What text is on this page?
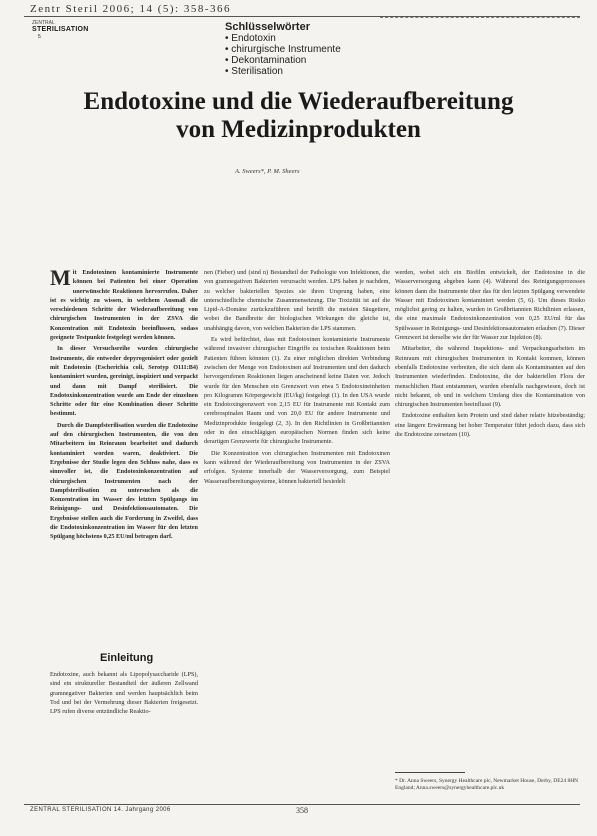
Zentr Steril 2006; 14 (5): 358-366
ZENTRAL
STERILISATION
5
Schlüsselwörter
• Endotoxin
• chirurgische Instrumente
• Dekontamination
• Sterilisation
Endotoxine und die Wiederaufbereitung
von Medizinprodukten
A. Sweers*, P. M. Sheers

Mit Endotoxinen kontaminierte Instrumente können bei Patienten bei einer Operation unerwünschte Reaktionen hervorrufen. Daher ist es wichtig zu wissen, in welchem Ausmaß die verschiedenen Schritte der Wiederaufbereitung von chirurgischen Instrumenten in der ZSVA die Konzentration mit Endotoxin beeinflussen, sodass geeignete Testpunkte festgelegt werden können.

In dieser Versuchsreihe wurden chirurgische Instrumente, die entweder depyrogenisiert oder gezielt mit Endotoxin (Escherichia coli, Serotyp O111:B4) kontaminiert wurden, gereinigt, inspiziert und verpackt und dann mit Dampf sterilisiert. Die Endotoxinkonzentration wurde am Ende der einzelnen Schritte oder für eine Kombination dieser Schritte bestimmt.

Durch die Dampfsterilisation wurden die Endotoxine auf den chirurgischen Instrumenten, die von den Mitarbeitern im Reinraum bearbeitet und dadurch kontaminiert worden waren, deaktiviert. Die Ergebnisse der Studie legen den Schluss nahe, dass es sinnvoller ist, die Endotoxinkonzentration auf chirurgischen Instrumenten nach der Dampfsterilisation zu untersuchen als die Konzentration im Wasser des letzten Spülgangs im Reinigungs- und Desinfektionsautomaten. Die Ergebnisse stellen auch die Forderung in Zweifel, dass die Endotoxinkonzentration im Wasser für den letzten Spülgang höchstens 0,25 EU/ml betragen darf.

Einleitung

Endotoxine, auch bekannt als Lipopolysaccharide (LPS), sind ein struktureller Bestandteil der äußeren Zellwand gramnegativer Bakterien und werden hauptsächlich beim Tod und bei der Vermehrung dieser Bakterien freigesetzt. LPS rufen diverse entzündliche Reaktio-

nen (Fieber) und (sind n) Bestandteil der Pathologie von Infektionen, die von gramnegativen Bakterien verursacht werden. LPS haben je nachdem, zu welcher bakteriellen Spezies sie ihren Ursprung haben, eine unterschiedliche chemische Zusammensetzung. Die Toxizität ist auf die Lipid-A-Domäne zurückzuführen und betrifft die meisten Säugetiere, wobei die Bandbreite der biologischen Wirkungen die gleiche ist, unabhängig davon, von welchen Bakterien die LPS stammen.

Es wird befürchtet, dass mit Endotoxinen kontaminierte Instrumente während invasiver chirurgischer Eingriffe zu toxischen Reaktionen beim Patienten führen könnten (1). Zu einer möglichen direkten Verbindung zwischen der Menge von Endotoxinen auf Instrumenten und den dadurch hervorgerufenen Reaktionen liegen anscheinend keine Daten vor. Jedoch wurde für den Menschen ein Grenzwert von etwa 5 Endotoxineinheiten pro Kilogramm Körpergewicht (EU/kg) festgelegt (1). In den USA wurde ein Endotoxingrenzwert von 2,15 EU für Instrumente mit Kontakt zum cerebrospinalen Raum und von 20,0 EU für andere Instrumente und Medizinprodukte festgelegt (2, 3). In den Richtlinien in Großbritannien oder in den einschlägigen europäischen Normen finden sich keine derartigen Grenzwerte für chirurgische Instrumente.

Die Konzentration von chirurgischen Instrumenten mit Endotoxinen kann während der Wiederaufbereitung von Instrumenten in der ZSVA erfolgen. Systeme innerhalb der Wasserversorgung, zum Beispiel Wasseraufbereitungssysteme, können bakteriell besiedelt

werden, wobei sich ein Biofilm entwickelt, der Endotoxine in die Wasserversorgung abgeben kann (4). Während des Reinigungsprozesses können dann die Instrumente über das für den letzten Spülgang verwendete Wasser mit Endotoxinen kontaminiert werden (5, 6). Um dieses Risiko möglichst gering zu halten, wurden in Großbritannien Richtlinien erlassen, die eine maximale Endotoxinkonzentration von 0,25 EU/ml für das Spülwasser in Reinigungs- und Desinfektionsautomaten erlauben (7). Dieser Grenzwert ist derselbe wie der für Wasser zur Injektion (8).

Mitarbeiter, die während Inspektions- und Verpackungsarbeiten im Reinraum mit chirurgischen Instrumenten in Kontakt kommen, können ebenfalls Endotoxine verbreiten, die sich dann als Kontaminanten auf den Instrumenten wiederfinden. Endotoxine, die der bakteriellen Flora der menschlichen Haut entstammen, wurden ebenfalls nachgewiesen, doch ist nicht bekannt, ob und in welchem Umfang dies die Kontamination von chirurgischen Instrumenten beeinflusst (9).

Endotoxine enthalten kein Protein und sind daher relativ hitzebeständig; eine längere Erwärmung bei hoher Temperatur führt jedoch dazu, dass sich die Endotoxine zersetzen (10).

* Dr. Anna Sweers, Synergy Healthcare plc, Newmarket House, Derby, DE24 8HN England; Anna.sweers@synergyhealthcare.plc.uk
ZENTRAL STERILISATION 14. Jahrgang 2006	358
